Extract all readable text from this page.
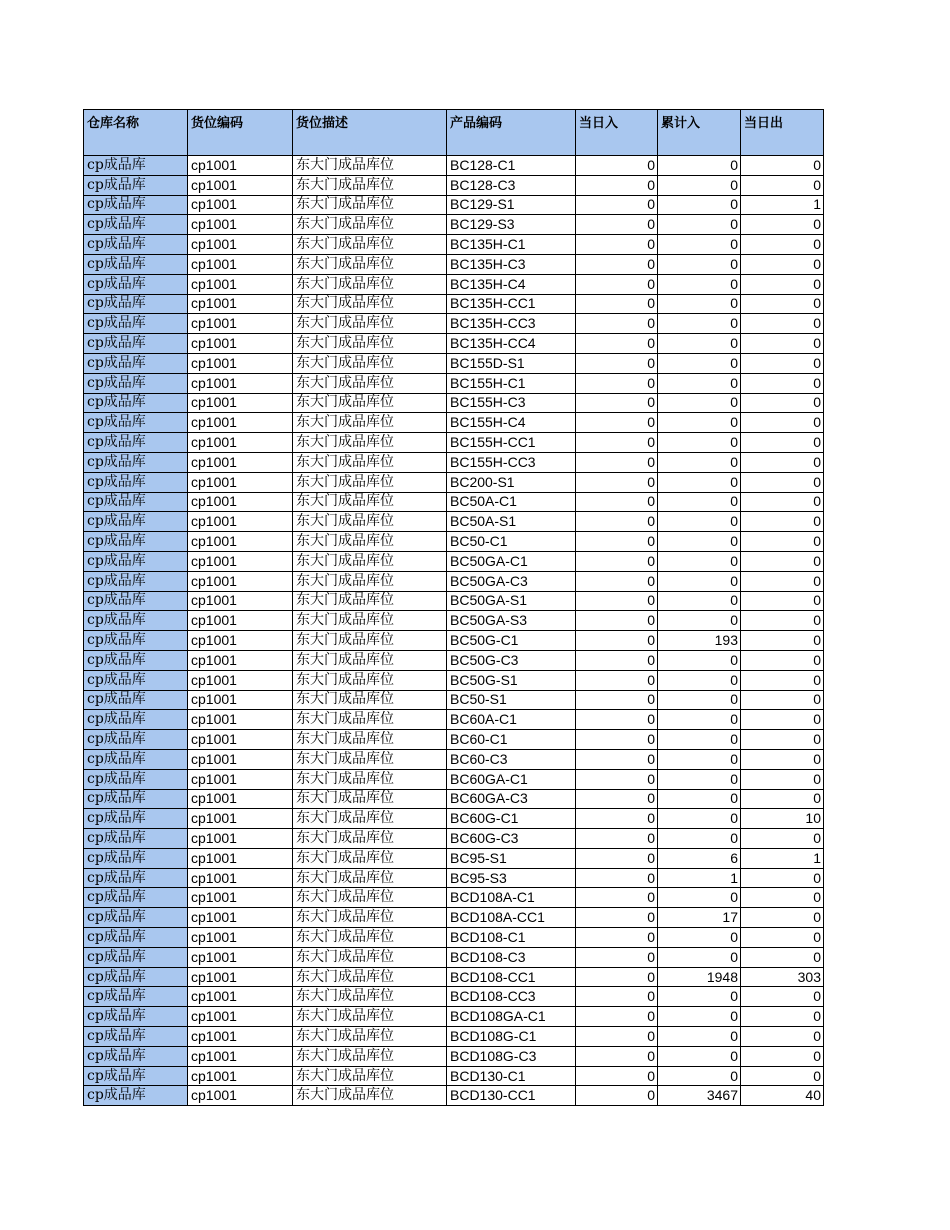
仓库名称	货位编码	货位描述	产品编码	当日入	累计入	当日出
cp成品库	cp1001	东大门成品库位	BC128-C1	0	0	0
cp成品库	cp1001	东大门成品库位	BC128-C3	0	0	0
cp成品库	cp1001	东大门成品库位	BC129-S1	0	0	1
cp成品库	cp1001	东大门成品库位	BC129-S3	0	0	0
cp成品库	cp1001	东大门成品库位	BC135H-C1	0	0	0
cp成品库	cp1001	东大门成品库位	BC135H-C3	0	0	0
cp成品库	cp1001	东大门成品库位	BC135H-C4	0	0	0
cp成品库	cp1001	东大门成品库位	BC135H-CC1	0	0	0
cp成品库	cp1001	东大门成品库位	BC135H-CC3	0	0	0
cp成品库	cp1001	东大门成品库位	BC135H-CC4	0	0	0
cp成品库	cp1001	东大门成品库位	BC155D-S1	0	0	0
cp成品库	cp1001	东大门成品库位	BC155H-C1	0	0	0
cp成品库	cp1001	东大门成品库位	BC155H-C3	0	0	0
cp成品库	cp1001	东大门成品库位	BC155H-C4	0	0	0
cp成品库	cp1001	东大门成品库位	BC155H-CC1	0	0	0
cp成品库	cp1001	东大门成品库位	BC155H-CC3	0	0	0
cp成品库	cp1001	东大门成品库位	BC200-S1	0	0	0
cp成品库	cp1001	东大门成品库位	BC50A-C1	0	0	0
cp成品库	cp1001	东大门成品库位	BC50A-S1	0	0	0
cp成品库	cp1001	东大门成品库位	BC50-C1	0	0	0
cp成品库	cp1001	东大门成品库位	BC50GA-C1	0	0	0
cp成品库	cp1001	东大门成品库位	BC50GA-C3	0	0	0
cp成品库	cp1001	东大门成品库位	BC50GA-S1	0	0	0
cp成品库	cp1001	东大门成品库位	BC50GA-S3	0	0	0
cp成品库	cp1001	东大门成品库位	BC50G-C1	0	193	0
cp成品库	cp1001	东大门成品库位	BC50G-C3	0	0	0
cp成品库	cp1001	东大门成品库位	BC50G-S1	0	0	0
cp成品库	cp1001	东大门成品库位	BC50-S1	0	0	0
cp成品库	cp1001	东大门成品库位	BC60A-C1	0	0	0
cp成品库	cp1001	东大门成品库位	BC60-C1	0	0	0
cp成品库	cp1001	东大门成品库位	BC60-C3	0	0	0
cp成品库	cp1001	东大门成品库位	BC60GA-C1	0	0	0
cp成品库	cp1001	东大门成品库位	BC60GA-C3	0	0	0
cp成品库	cp1001	东大门成品库位	BC60G-C1	0	0	10
cp成品库	cp1001	东大门成品库位	BC60G-C3	0	0	0
cp成品库	cp1001	东大门成品库位	BC95-S1	0	6	1
cp成品库	cp1001	东大门成品库位	BC95-S3	0	1	0
cp成品库	cp1001	东大门成品库位	BCD108A-C1	0	0	0
cp成品库	cp1001	东大门成品库位	BCD108A-CC1	0	17	0
cp成品库	cp1001	东大门成品库位	BCD108-C1	0	0	0
cp成品库	cp1001	东大门成品库位	BCD108-C3	0	0	0
cp成品库	cp1001	东大门成品库位	BCD108-CC1	0	1948	303
cp成品库	cp1001	东大门成品库位	BCD108-CC3	0	0	0
cp成品库	cp1001	东大门成品库位	BCD108GA-C1	0	0	0
cp成品库	cp1001	东大门成品库位	BCD108G-C1	0	0	0
cp成品库	cp1001	东大门成品库位	BCD108G-C3	0	0	0
cp成品库	cp1001	东大门成品库位	BCD130-C1	0	0	0
cp成品库	cp1001	东大门成品库位	BCD130-CC1	0	3467	40
